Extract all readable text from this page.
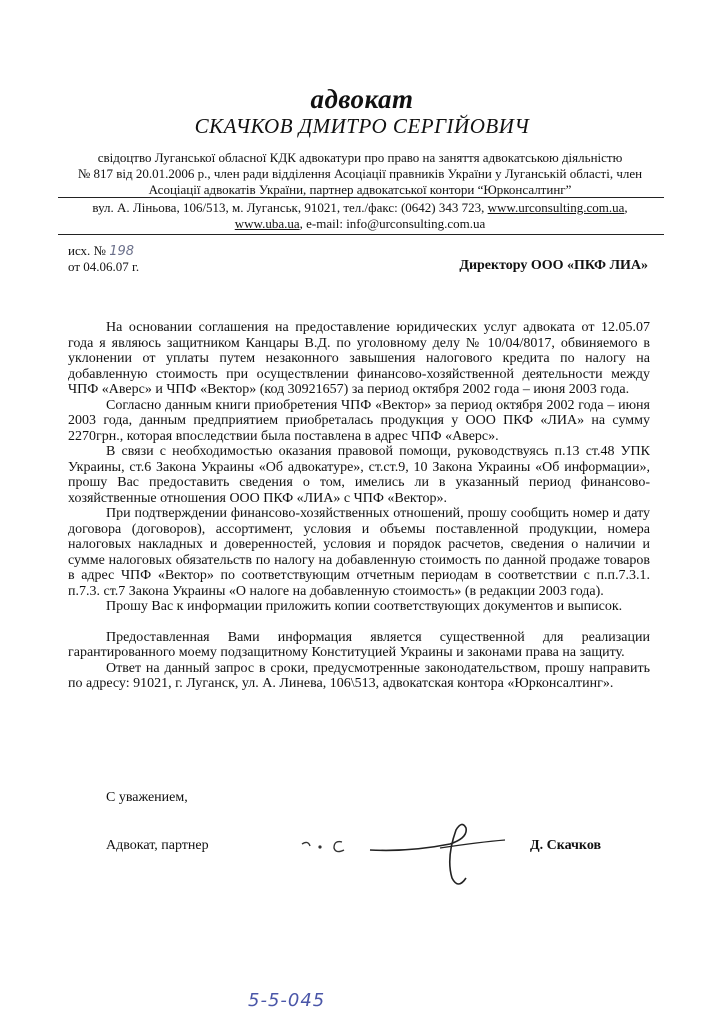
адвокат
СКАЧКОВ ДМИТРО СЕРГІЙОВИЧ
свідоцтво Луганської обласної КДК адвокатури про право на заняття адвокатською діяльністю
№ 817 від 20.01.2006 р., член ради відділення Асоціації правників України у Луганській області, член
Асоціації адвокатів України, партнер адвокатської контори “Юрконсалтинг”
вул. А. Ліньова, 106/513, м. Луганськ, 91021, тел./факс: (0642) 343 723, www.urconsulting.com.ua,
www.uba.ua, e-mail: info@urconsulting.com.ua
исх. № 198
от 04.06.07 г.	Директору ООО «ПКФ ЛИА»

На основании соглашения на предоставление юридических услуг адвоката от 12.05.07 года я являюсь защитником Канцары В.Д. по уголовному делу № 10/04/8017, обвиняемого в уклонении от уплаты путем незаконного завышения налогового кредита по налогу на добавленную стоимость при осуществлении финансово-хозяйственной деятельности между ЧПФ «Аверс» и ЧПФ «Вектор» (код 30921657) за период октября 2002 года – июня 2003 года.

Согласно данным книги приобретения ЧПФ «Вектор» за период октября 2002 года – июня 2003 года, данным предприятием приобреталась продукция у ООО ПКФ «ЛИА» на сумму 2270грн., которая впоследствии была поставлена в адрес ЧПФ «Аверс».

В связи с необходимостью оказания правовой помощи, руководствуясь п.13 ст.48 УПК Украины, ст.6 Закона Украины «Об адвокатуре», ст.ст.9, 10 Закона Украины «Об информации», прошу Вас предоставить сведения о том, имелись ли в указанный период финансово-хозяйственные отношения ООО ПКФ «ЛИА» с ЧПФ «Вектор».

При подтверждении финансово-хозяйственных отношений, прошу сообщить номер и дату договора (договоров), ассортимент, условия и объемы поставленной продукции, номера налоговых накладных и доверенностей, условия и порядок расчетов, сведения о наличии и сумме налоговых обязательств по налогу на добавленную стоимость по данной продаже товаров в адрес ЧПФ «Вектор» по соответствующим отчетным периодам в соответствии с п.п.7.3.1. п.7.3. ст.7 Закона Украины «О налоге на добавленную стоимость» (в редакции 2003 года).

Прошу Вас к информации приложить копии соответствующих документов и выписок.

Предоставленная Вами информация является существенной для реализации гарантированного моему подзащитному Конституцией Украины и законами права на защиту.

Ответ на данный запрос в сроки, предусмотренные законодательством, прошу направить по адресу: 91021, г. Луганск, ул. А. Линева, 106\513, адвокатская контора «Юрконсалтинг».

С уважением,
Адвокат, партнер	Д. Скачков
5-5-045
